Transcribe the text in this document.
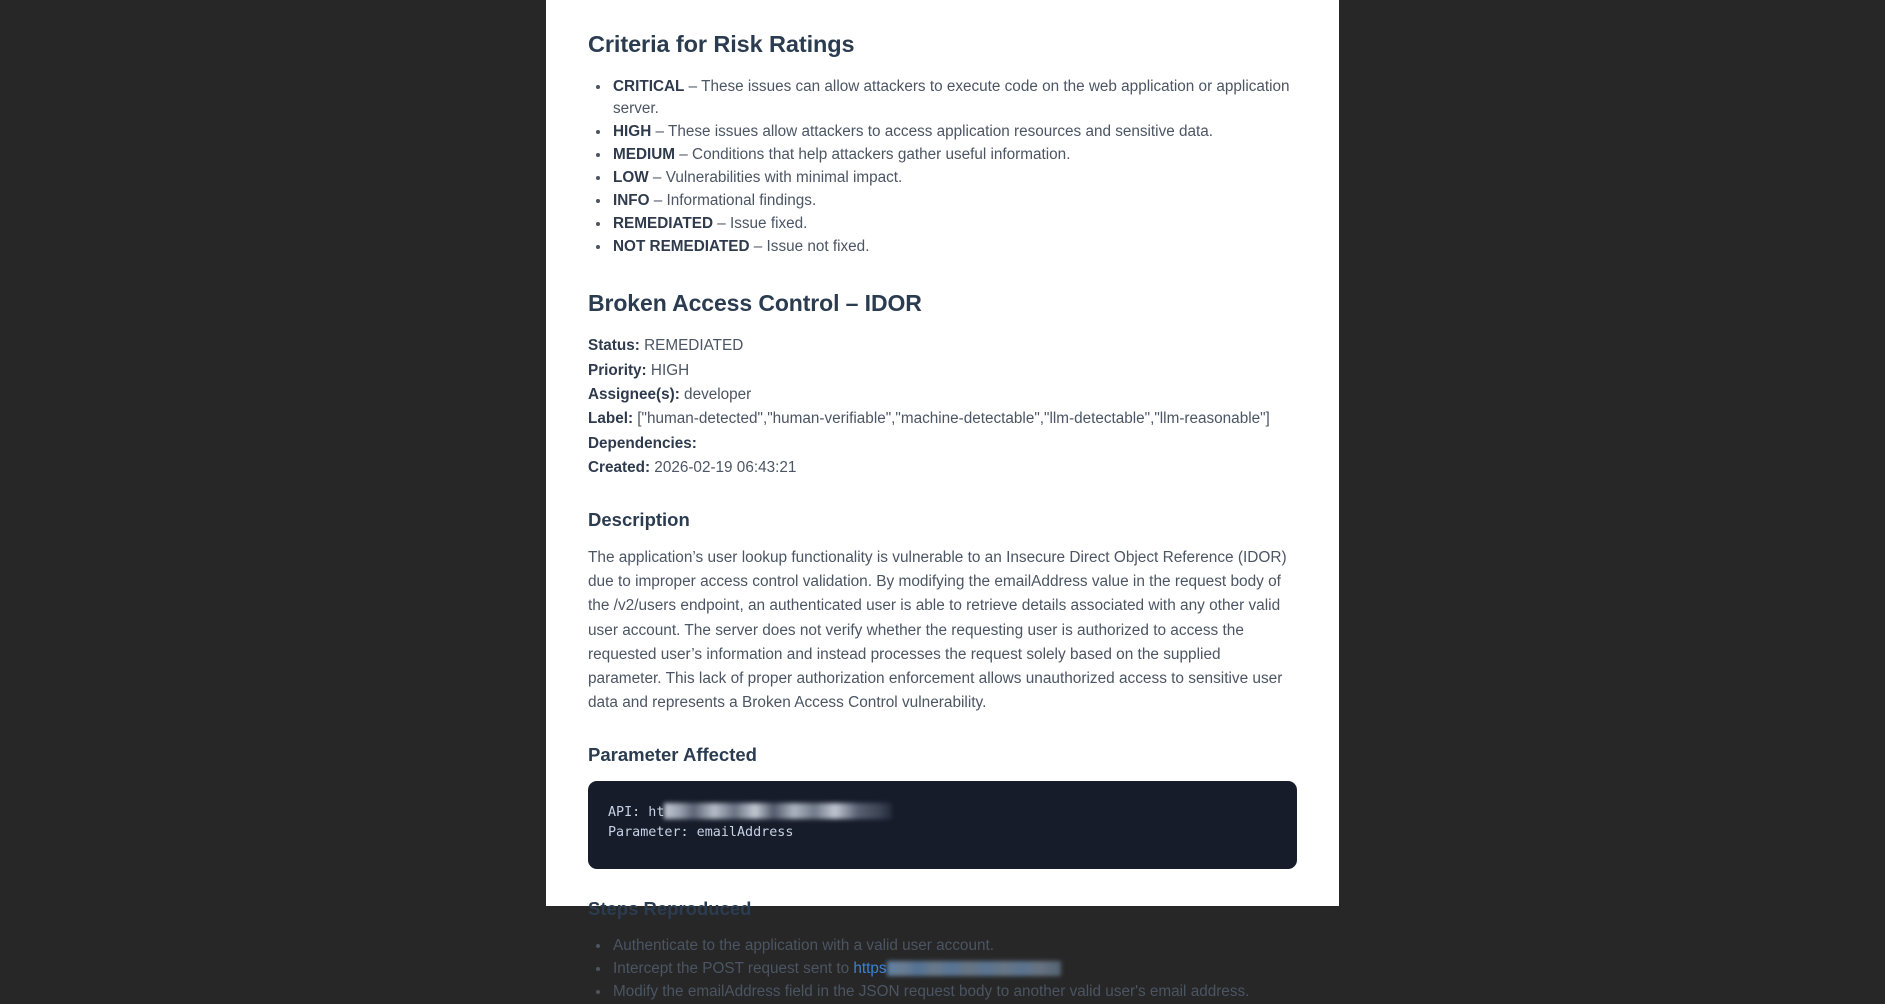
Criteria for Risk Ratings
• CRITICAL – These issues can allow attackers to execute code on the web application or application server.
• HIGH – These issues allow attackers to access application resources and sensitive data.
• MEDIUM – Conditions that help attackers gather useful information.
• LOW – Vulnerabilities with minimal impact.
• INFO – Informational findings.
• REMEDIATED – Issue fixed.
• NOT REMEDIATED – Issue not fixed.
Broken Access Control – IDOR
Status: REMEDIATED
Priority: HIGH
Assignee(s): developer
Label: ["human-detected","human-verifiable","machine-detectable","llm-detectable","llm-reasonable"]
Dependencies:
Created: 2026-02-19 06:43:21
Description

The application’s user lookup functionality is vulnerable to an Insecure Direct Object Reference (IDOR) due to improper access control validation. By modifying the emailAddress value in the request body of the /v2/users endpoint, an authenticated user is able to retrieve details associated with any other valid user account. The server does not verify whether the requesting user is authorized to access the requested user’s information and instead processes the request solely based on the supplied parameter. This lack of proper authorization enforcement allows unauthorized access to sensitive user data and represents a Broken Access Control vulnerability.

Parameter Affected
API: ht
Parameter: emailAddress
Steps Reproduced
• Authenticate to the application with a valid user account.
• Intercept the POST request sent to https
• Modify the emailAddress field in the JSON request body to another valid user's email address.
